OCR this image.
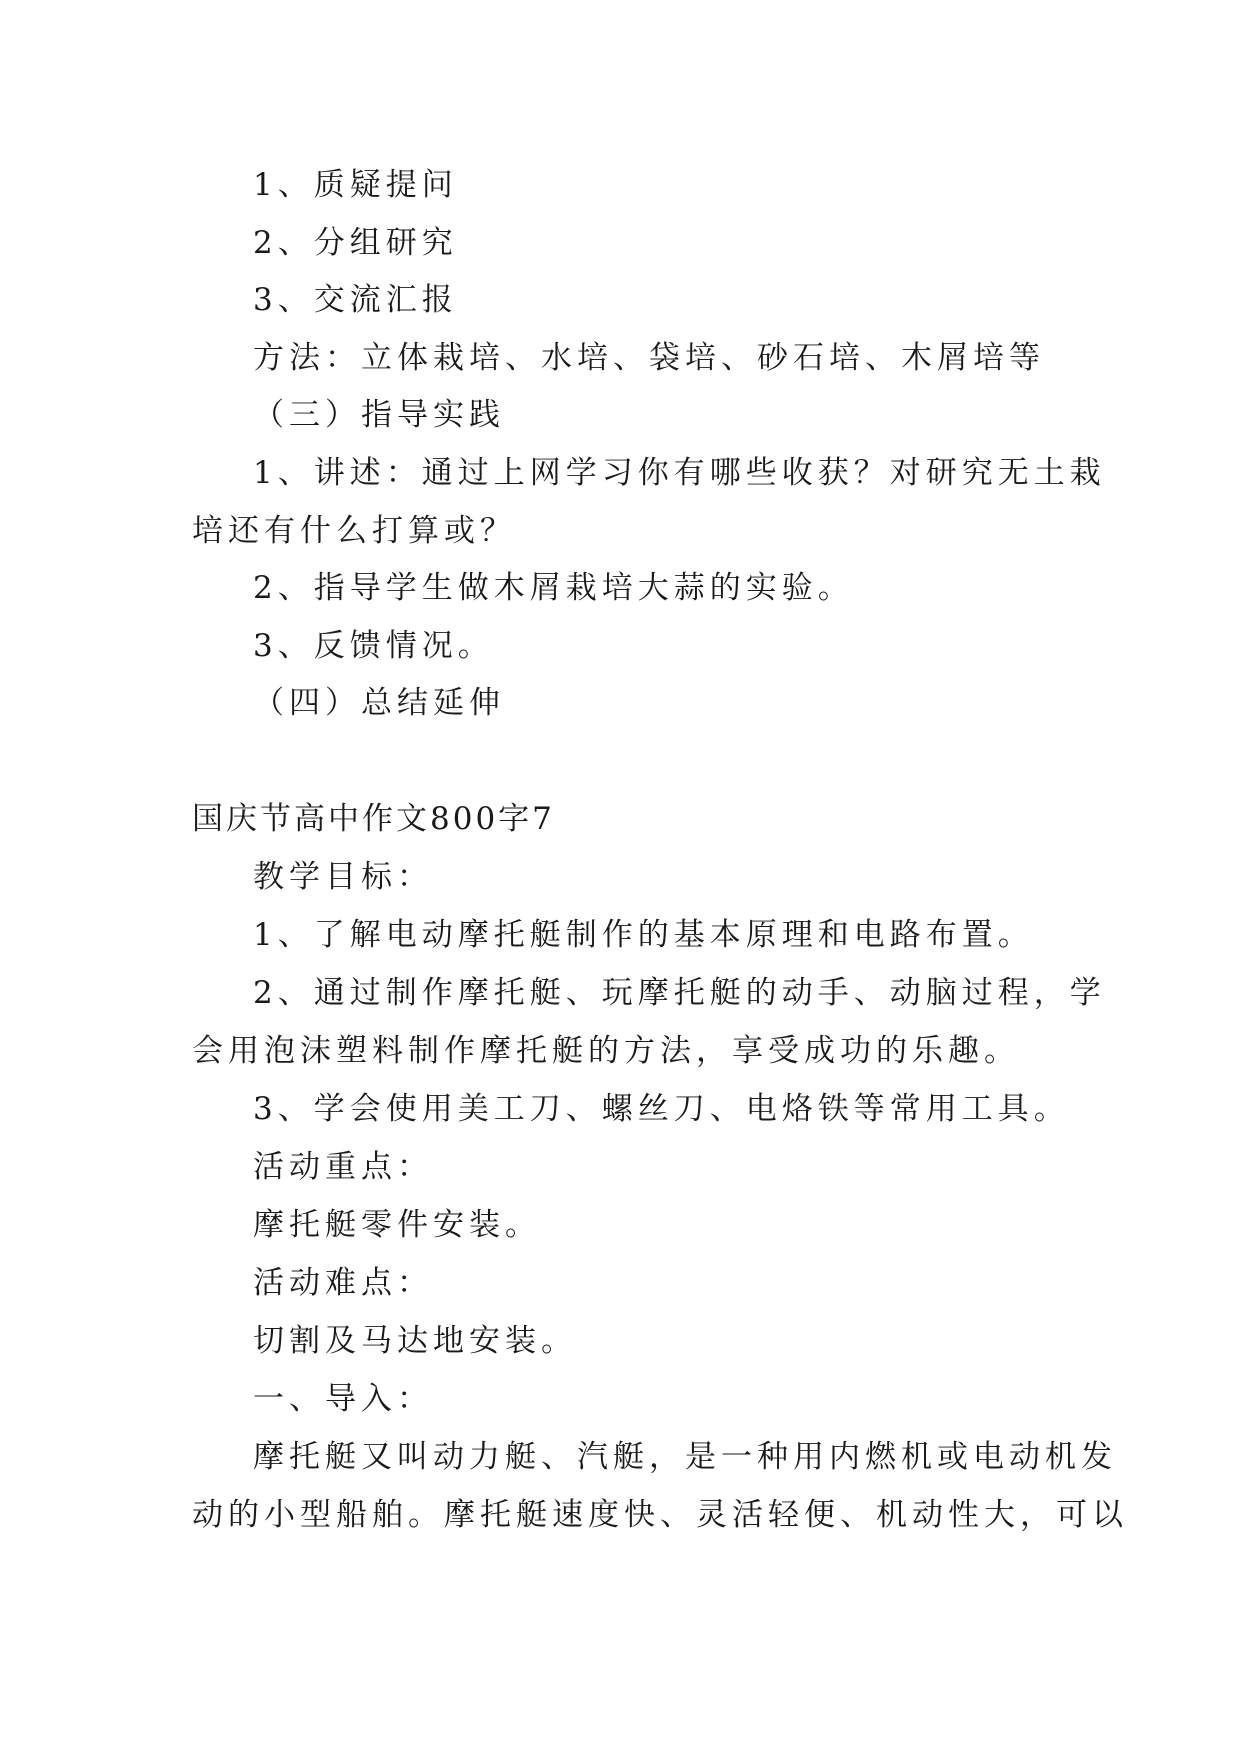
1、质疑提问
2、分组研究
3、交流汇报
方法：立体栽培、水培、袋培、砂石培、木屑培等
（三）指导实践
1、讲述：通过上网学习你有哪些收获？对研究无土栽
培还有什么打算或？
2、指导学生做木屑栽培大蒜的实验。
3、反馈情况。
（四）总结延伸
国庆节高中作文800字7
教学目标：
1、了解电动摩托艇制作的基本原理和电路布置。
2、通过制作摩托艇、玩摩托艇的动手、动脑过程，学
会用泡沫塑料制作摩托艇的方法，享受成功的乐趣。
3、学会使用美工刀、螺丝刀、电烙铁等常用工具。
活动重点：
摩托艇零件安装。
活动难点：
切割及马达地安装。
一、导入：
摩托艇又叫动力艇、汽艇，是一种用内燃机或电动机发
动的小型船舶。摩托艇速度快、灵活轻便、机动性大，可以
